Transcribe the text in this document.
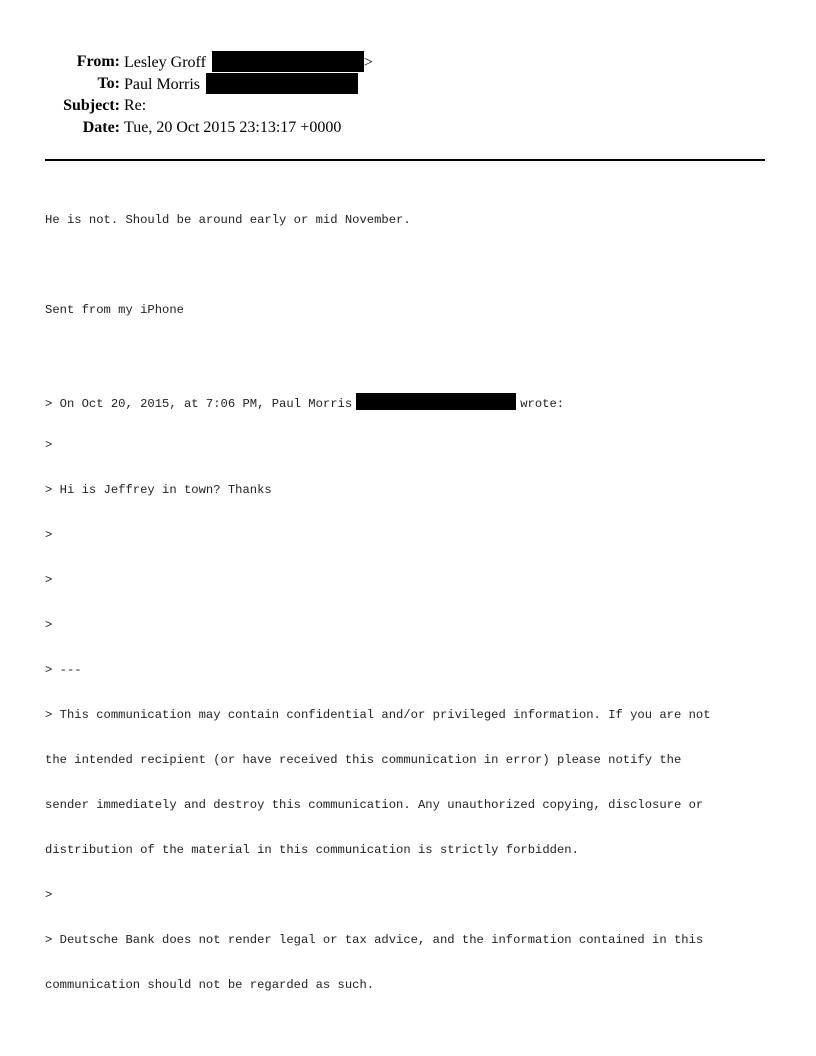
From: Lesley Groff	>
To: Paul Morris
Subject: Re:
Date: Tue, 20 Oct 2015 23:13:17 +0000

He is not. Should be around early or mid November.

Sent from my iPhone

> On Oct 20, 2015, at 7:06 PM, Paul Morris	wrote:

>

> Hi is Jeffrey in town? Thanks

>

>

>

> ---

> This communication may contain confidential and/or privileged information. If you are not

the intended recipient (or have received this communication in error) please notify the

sender immediately and destroy this communication. Any unauthorized copying, disclosure or

distribution of the material in this communication is strictly forbidden.

>

> Deutsche Bank does not render legal or tax advice, and the information contained in this

communication should not be regarded as such.
